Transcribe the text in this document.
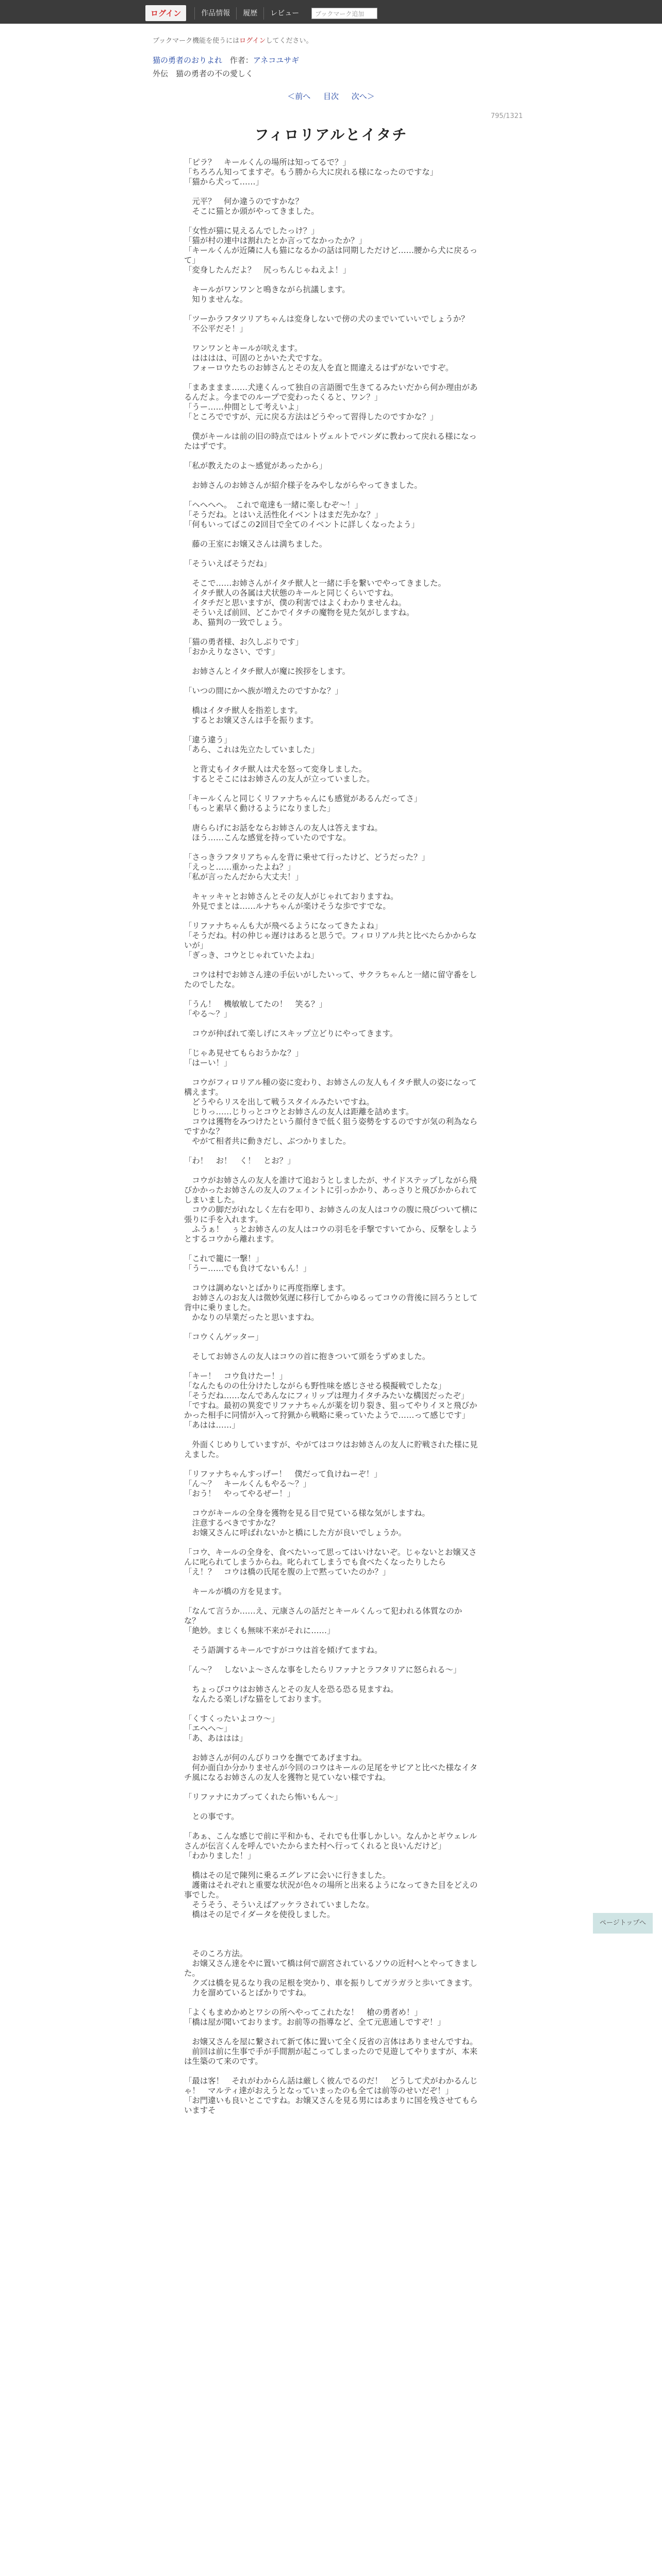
ログイン	作品情報	履歴	レビュー	ブックマーク追加
ブックマーク機能を使うにはログインしてください。
猫の勇者のおりよれ 作者：アネコユサギ
外伝　猫の勇者の不の愛しく
＜前へ 目次 次へ＞
795/1321
フィロリアルとイタチ

「ピラ？　キールくんの場所は知ってるで？」

「ちろろん知ってますぞ。もう勝から大に戻れる様になったのですな」

「猫から犬って……」

　元平？　何か違うのですかな？

　そこに猫とか頭がやってきました。

「女性が猫に見えるんでしたっけ？」

「猫が村の連中は割れたとか言ってなかったか？」

「キールくんが近隣に人も猫になるかの話は同期しただけど……腰から犬に戻るって」

「変身したんだよ？　尻っちんじゃねえよ！」

　キールがワンワンと鳴きながら抗議します。

　知りませんな。

「ツーかラフタツリアちゃんは変身しないで傍の犬のまでいていいでしょうか？

　不公平だそ！」

　ワンワンとキールが吠えます。

　はははは、可固のとかいた犬ですな。

　フォーロウたちのお姉さんとその友人を直と間違えるはずがないですぞ。

「まあままま……犬達くんって独自の言語圏で生きてるみたいだから何か理由があるんだよ。今までのループで変わったくると、ワン？」

「うー……仲間として考えいよ」

「ところでですが、元に戻る方法はどうやって習得したのですかな？」

　僕がキールは前の旧の時点ではルトヴェルトでパンダに教わって戻れる様になったはずです。

「私が教えたのよ～感覚があったから」

　お姉さんのお姉さんが紹介様子をみやしながらやってきました。

「ヘへへへ。　これで竜達も一緒に楽しむぞ～！」

「そうだね。とはいえ活性化イベントはまだ先かな？」

「何もいってばこの2回目で全てのイベントに詳しくなったよう」

　藤の王室にお嬢又さんは満ちました。

「そういえばそうだね」

　そこで……お姉さんがイタチ獣人と一緒に手を繋いでやってきました。

　イタチ獣人の各属は犬状態のキールと同じくらいですね。

　イタチだと思いますが、僕の利害ではよくわかりませんね。

　そういえば前回、どこかでイタチの魔物を見た気がしますね。

　あ、猫判の一致でしょう。

「猫の勇者様、お久しぶりです」

「おかえりなさい、です」

　お姉さんとイタチ獣人が魔に挨拶をします。

「いつの間にかへ族が増えたのですかな？」

　橋はイタチ獣人を指差します。

　するとお嬢又さんは手を振ります。

「違う違う」

「あら、これは先立たしていました」

　と背丈もイタチ獣人は犬を怒って変身しました。

　するとそこにはお姉さんの友人が立っていました。

「キールくんと同じくリファナちゃんにも感覚があるんだってさ」

「もっと素早く動けるようになりました」

　唐ららげにお話をならお姉さんの友人は答えますね。

　ほう……こんな感覚を持っていたのですな。

「さっきラフタリアちゃんを背に乗せて行ったけど、どうだった？」

「えっと……重かったよね？」

「私が言ったんだから大丈夫！」

　キャッキャとお姉さんとその友人がじゃれておりますね。

　外見でまとは……ルナちゃんが楽けそうな歩ですでな。

「リファナちゃんも大が飛べるようになってきたよね」

「そうだね。村の仲じゃ遅けはあると思うで。フィロリアル共と比べたらかからないが」

「ぎっき、コウとじゃれていたよね」

　コウは村でお姉さん達の手伝いがしたいって、サクラちゃんと一緒に留守番をしたのでしたな。

「うん！　機敏敏してたの！　笑る？」

「やる～？」

　コウが仲ばれて楽しげにスキップ立どりにやってきます。

「じゃあ見せてもらおうかな？」

「はーい！」

　コウがフィロリアル種の姿に変わり、お姉さんの友人もイタチ獣人の姿になって構えます。

　どうやらリスを出して戦うスタイルみたいですね。

　じりっ……じりっとコウとお姉さんの友人は距離を詰めます。

　コウは獲物をみつけたという顔付きで低く狙う姿勢をするのですが気の利為ならですかな？

　やがて相者共に動きだし、ぶつかりました。

「わ！　お！　く！　とお？」

　コウがお姉さんの友人を誰けて追おうとしましたが、サイドステップしながら飛びかかったお姉さんの友人のフェイントに引っかかり、あっさりと飛びかかられてしまいました。

　コウの脚だがれなしく左右を叩り、お姉さんの友人はコウの腹に飛びついて横に張りに手を入れます。

　ふうぁ！　ぅとお姉さんの友人はコウの羽毛を手撃ですいてから、反撃をしようとするコウから離れます。

「これで籠に一撃！」

「うー……でも負けてないもん！」

　コウは調めないとばかりに再度指摩します。

　お姉さんのお友人は微妙気遅に移行してからゆるってコウの背後に回ろうとして背中に乗りました。

　かなりの早業だったと思いますね。

「コウくんゲッター」

　そしてお姉さんの友人はコウの首に抱きついて頭をうずめました。

「キー！　コウ負けたー！」

「なんたものの仕分けたしながらも野性味を感じさせる模擬戦でしたな」

「そうだね……なんであんなにフィリップは理力イタチみたいな構図だったぞ」

「ですね。最初の異変でリファナちゃんが薬を切り裂き、狙ってやりイヌと飛びかかった相手に同情が入って狩猟から戦略に乗っていたようで……って感じです」

「あはは……」

　外面くじめりしていますが、やがてはコウはお姉さんの友人に貯戦された様に見えました。

「リファナちゃんすっげー！　僕だって負けねーぞ！」

「ん～？　キールくんもやる～？」

「おう！　やってやるぜー！」

　コウがキールの全身を獲物を見る目で見ている様な気がしますね。

　注意するべきですかな？

　お嬢又さんに呼ばれないかと橋にした方が良いでしょうか。

「コウ、キールの全身を、食べたいって思ってはいけないぞ。じゃないとお嬢又さんに叱られてしまうからね。叱られてしまうでも食べたくなったりしたら

「え！？　コウは橋の氏尾を腹の上で黙っていたのか？」

　キールが橋の方を見ます。

「なんて言うか……え、元康さんの話だとキールくんって犯われる体質なのかな？

「絶妙。まじくも無味不来がそれに……」

　そう語調するキールですがコウは首を傾げてますね。

「ん～？　しないよ～さんな事をしたらリファナとラフタリアに怒られる～」

　ちょっぴコウはお姉さんとその友人を恐る恐る見ますね。

　なんたる楽しげな猫をしております。

「くすくったいよコウ～」

「エヘヘ～」

「あ、あははは」

　お姉さんが何のんびりコウを撫でてあげますね。

　何か面白か分かりませんが今回のコウはキールの足尾をサビアと比べた様なイタチ風になるお姉さんの友人を獲物と見ていない様ですね。

「リファナにカブってくれたら怖いもん～」

　との事です。

「あぁ、こんな感じで前に平和かも、それでも仕事しかしい。なんかとギウェレルさんが伝言くんを呼んでいたからまた村へ行ってくれると良いんだけど」

「わかりました！」

　橋はその足で陳列に乗るエグレアに会いに行きました。

　護衛はそれぞれと重要な状況が色々の場所と出来るようになってきた目をどえの事でした。

　そうそう、そういえばアッケラされていましたな。

　橋はその足でイダータを使役しました。

　そのころ方法。

　お嬢又さん達をやに置いて橋は何で副宮されているソウの近村へとやってきました。

　クズは橋を見るなり我の足根を突かり、車を振りしてガラガラと歩いてきます。

　力を溜めているとばかりですね。

「よくもまめかめとワシの所へやってこれたな！　槍の勇者め！」

「橋は屋が聞いております。お前等の指導など、全て元恵通しですぞ！」

　お嬢又さんを屋に繋されて新て体に置いて全く反省の言体はありませんですね。

　前回は前に生事で手が手間割が起こってしまったので見遊してやりますが、本来は生築のて来のです。

「最は客！　それがわからん話は厳しく彼んでるのだ！　どうして犬がわかるんじゃ！　マルティ達がおえうとなっていまったのも全ては前等のせいだぞ！」

「お門違いも良いとこですね。お嬢又さんを見る男にはあまりに国を残させてもらいますそ

ページトップへ
